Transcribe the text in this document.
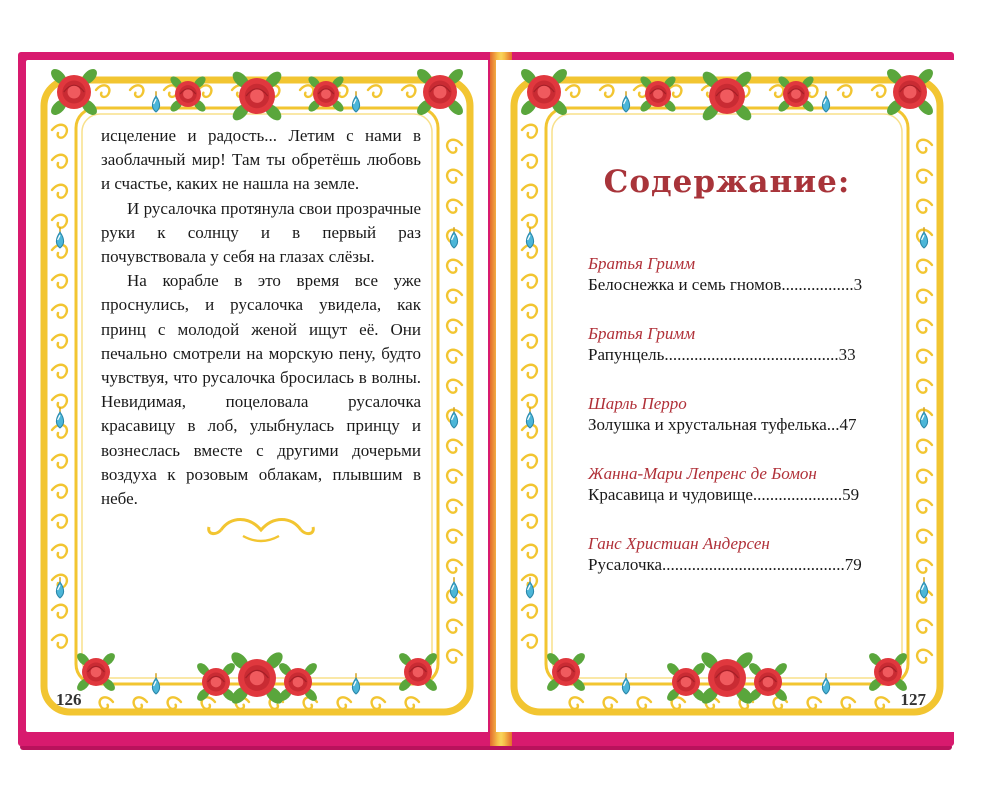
исцеление и радость... Летим с нами в заоблачный мир! Там ты обретёшь любовь и счастье, каких не нашла на земле.

И русалочка протянула свои прозрачные руки к солнцу и в первый раз почувствовала у себя на глазах слёзы.

На корабле в это время все уже проснулись, и русалочка увидела, как принц с молодой женой ищут её. Они печально смотрели на морскую пену, будто чувствуя, что русалочка бросилась в волны. Невидимая, поцеловала русалочка красавицу в лоб, улыбнулась принцу и вознеслась вместе с другими дочерьми воздуха к розовым облакам, плывшим в небе.

126
Содержание:
Братья Гримм
Белоснежка и семь гномов.................3
Братья Гримм
Рапунцель.........................................33
Шарль Перро
Золушка и хрустальная туфелька...47
Жанна-Мари Лепренс де Бомон
Красавица и чудовище.....................59
Ганс Христиан Андерсен
Русалочка...........................................79
127
